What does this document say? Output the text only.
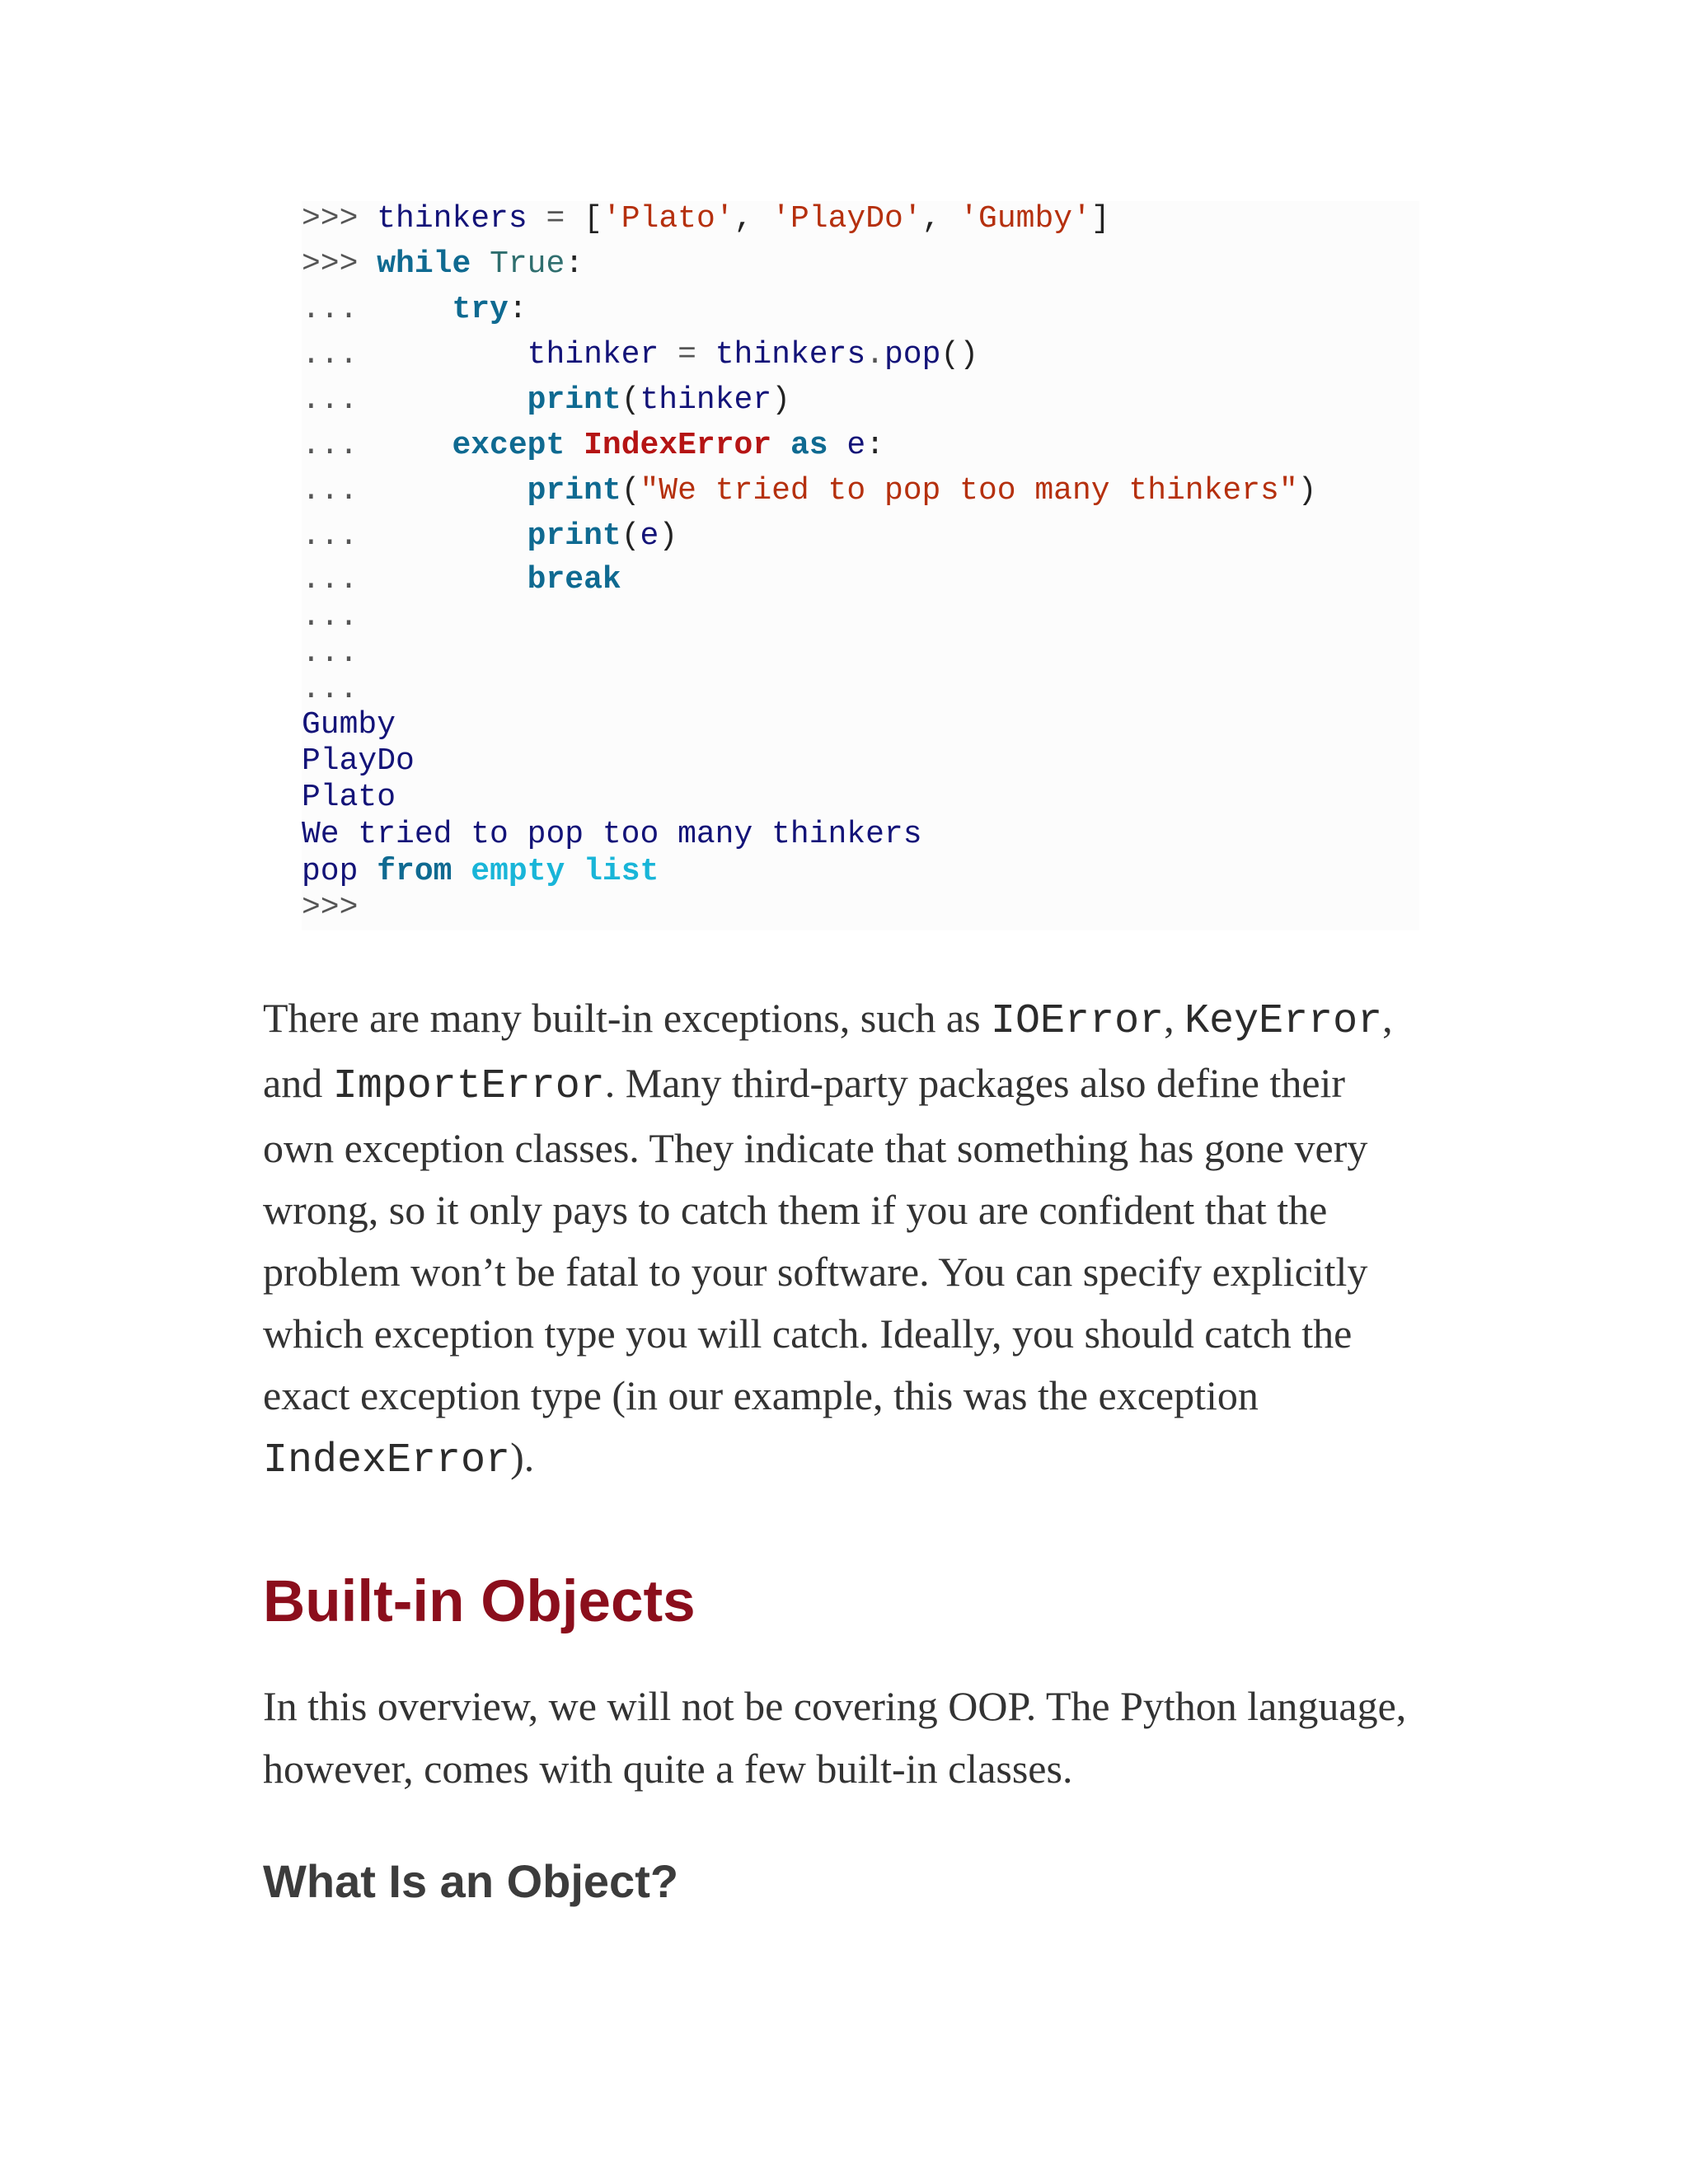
>>> thinkers = ['Plato', 'PlayDo', 'Gumby']
>>> while True:
...	try:
...	thinker = thinkers.pop()
...	print(thinker)
...	except IndexError as e:
...	print("We tried to pop too many thinkers")
...	print(e)
...	break
...
...
...
Gumby
PlayDo
Plato
We tried to pop too many thinkers
pop from empty list
>>>
There are many built-in exceptions, such as IOError, KeyError,
and ImportError. Many third-party packages also define their
own exception classes. They indicate that something has gone very
wrong, so it only pays to catch them if you are confident that the
problem won’t be fatal to your software. You can specify explicitly
which exception type you will catch. Ideally, you should catch the
exact exception type (in our example, this was the exception
IndexError).
Built-in Objects
In this overview, we will not be covering OOP. The Python language,
however, comes with quite a few built-in classes.
What Is an Object?
